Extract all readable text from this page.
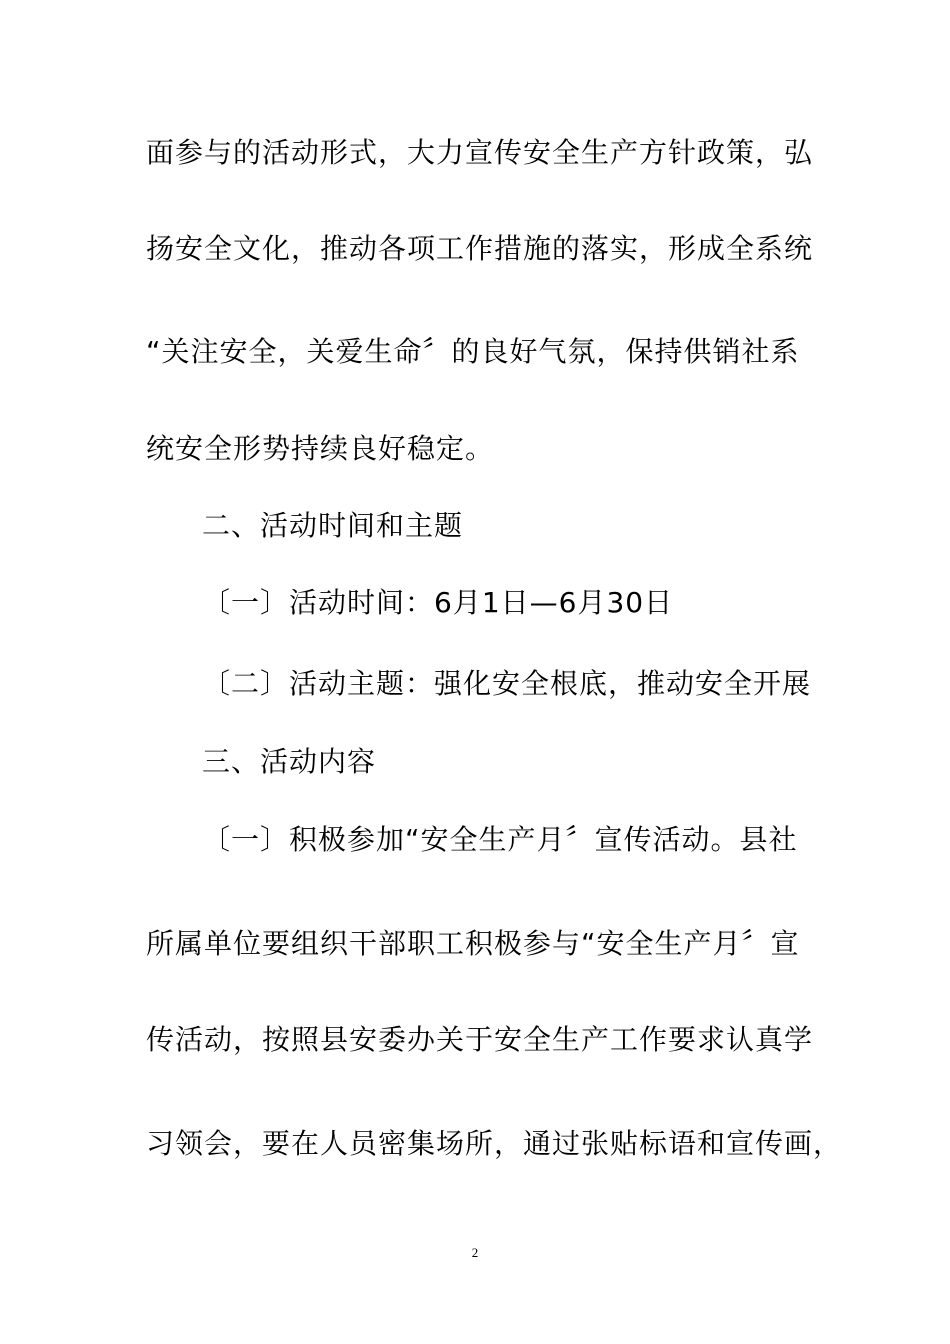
面参与的活动形式，大力宣传安全生产方针政策，弘
扬安全文化，推动各项工作措施的落实，形成全系统
“关注安全，关爱生命〞的良好气氛，保持供销社系
统安全形势持续良好稳定。
二、活动时间和主题
〔一〕活动时间：6月1日—6月30日
〔二〕活动主题：强化安全根底，推动安全开展
三、活动内容
〔一〕积极参加“安全生产月〞宣传活动。县社
所属单位要组织干部职工积极参与“安全生产月〞宣
传活动，按照县安委办关于安全生产工作要求认真学
习领会，要在人员密集场所，通过张贴标语和宣传画，
2
